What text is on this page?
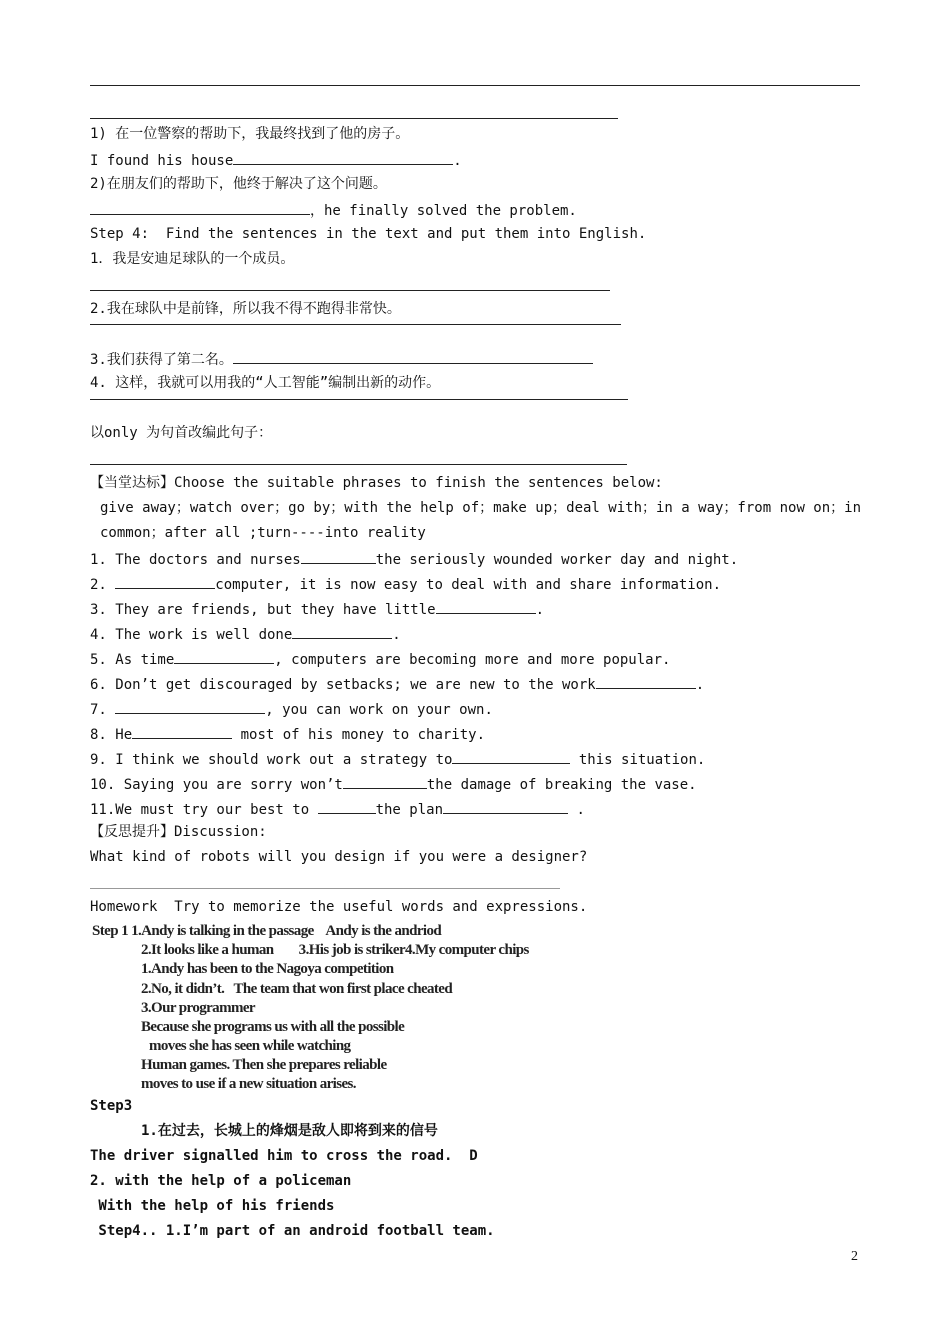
1) 在一位警察的帮助下，我最终找到了他的房子。
I found his house	.
2)在朋友们的帮助下，他终于解决了这个问题。
，he finally solved the problem.
Step 4:  Find the sentences in the text and put them into English.
1．我是安迪足球队的一个成员。
2.我在球队中是前锋，所以我不得不跑得非常快。
3.我们获得了第二名。
4. 这样，我就可以用我的“人工智能”编制出新的动作。
以only 为句首改编此句子：
【当堂达标】Choose the suitable phrases to finish the sentences below:
give away；watch over；go by；with the help of；make up；deal with；in a way；from now on；in
common；after all ;turn----into reality
1. The doctors and nurses	the seriously wounded worker day and night.
2.	computer, it is now easy to deal with and share information.
3. They are friends, but they have little	.
4. The work is well done	.
5. As time	, computers are becoming more and more popular.
6. Don’t get discouraged by setbacks; we are new to the work	.
7.	, you can work on your own.
8. He	most of his money to charity.
9. I think we should work out a strategy to	this situation.
10. Saying you are sorry won’t	the damage of breaking the vase.
11.We must try our best to	the plan	.
【反思提升】Discussion:
What kind of robots will you design if you were a designer?
Homework  Try to memorize the useful words and expressions.
Step 1 1.Andy is talking in the passage    Andy is the andriod
2.It looks like a human        3.His job is striker4.My computer chips
1.Andy has been to the Nagoya competition
2.No, it didn’t.   The team that won first place cheated
3.Our programmer
Because she programs us with all the possible
moves she has seen while watching
Human games. Then she prepares reliable
moves to use if a new situation arises.
Step3
1.在过去，长城上的烽烟是敌人即将到来的信号
The driver signalled him to cross the road.  D
2. with the help of a policeman
With the help of his friends
Step4.. 1.I’m part of an android football team.
2
